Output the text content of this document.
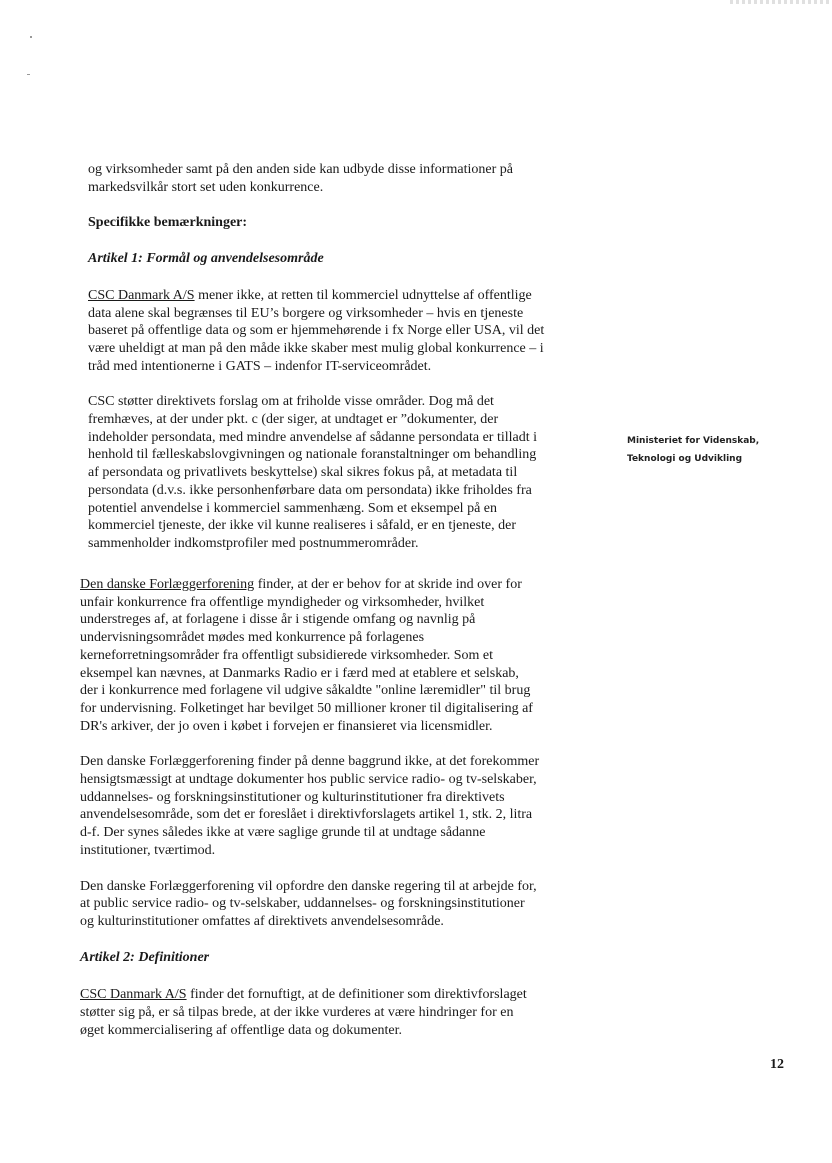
og virksomheder samt på den anden side kan udbyde disse informationer på

markedsvilkår stort set uden konkurrence.

Specifikke bemærkninger:

Artikel 1: Formål og anvendelsesområde

CSC Danmark A/S mener ikke, at retten til kommerciel udnyttelse af offentlige

data alene skal begrænses til EU’s borgere og virksomheder – hvis en tjeneste

baseret på offentlige data og som er hjemmehørende i fx Norge eller USA, vil det

være uheldigt at man på den måde ikke skaber mest mulig global konkurrence – i

tråd med intentionerne i GATS – indenfor IT-serviceområdet.

CSC støtter direktivets forslag om at friholde visse områder. Dog må det

fremhæves, at der under pkt. c (der siger, at undtaget er ”dokumenter, der

indeholder persondata, med mindre anvendelse af sådanne persondata er tilladt i

henhold til fælleskabslovgivningen og nationale foranstaltninger om behandling

af persondata og privatlivets beskyttelse) skal sikres fokus på, at metadata til

persondata (d.v.s. ikke personhenførbare data om persondata) ikke friholdes fra

potentiel anvendelse i kommerciel sammenhæng. Som et eksempel på en

kommerciel tjeneste, der ikke vil kunne realiseres i såfald, er en tjeneste, der

sammenholder indkomstprofiler med postnummerområder.

Den danske Forlæggerforening finder, at der er behov for at skride ind over for

unfair konkurrence fra offentlige myndigheder og virksomheder, hvilket

understreges af, at forlagene i disse år i stigende omfang og navnlig på

undervisningsområdet mødes med konkurrence på forlagenes

kerneforretningsområder fra offentligt subsidierede virksomheder. Som et

eksempel kan nævnes, at Danmarks Radio er i færd med at etablere et selskab,

der i konkurrence med forlagene vil udgive såkaldte "online læremidler" til brug

for undervisning. Folketinget har bevilget 50 millioner kroner til digitalisering af

DR's arkiver, der jo oven i købet i forvejen er finansieret via licensmidler.

Den danske Forlæggerforening finder på denne baggrund ikke, at det forekommer

hensigtsmæssigt at undtage dokumenter hos public service radio- og tv-selskaber,

uddannelses- og forskningsinstitutioner og kulturinstitutioner fra direktivets

anvendelsesområde, som det er foreslået i direktivforslagets artikel 1, stk. 2, litra

d-f. Der synes således ikke at være saglige grunde til at undtage sådanne

institutioner, tværtimod.

Den danske Forlæggerforening vil opfordre den danske regering til at arbejde for,

at public service radio- og tv-selskaber, uddannelses- og forskningsinstitutioner

og kulturinstitutioner omfattes af direktivets anvendelsesområde.

Artikel 2: Definitioner

CSC Danmark A/S finder det fornuftigt, at de definitioner som direktivforslaget

støtter sig på, er så tilpas brede, at der ikke vurderes at være hindringer for en

øget kommercialisering af offentlige data og dokumenter.

Ministeriet for Videnskab,
Teknologi og Udvikling
12
